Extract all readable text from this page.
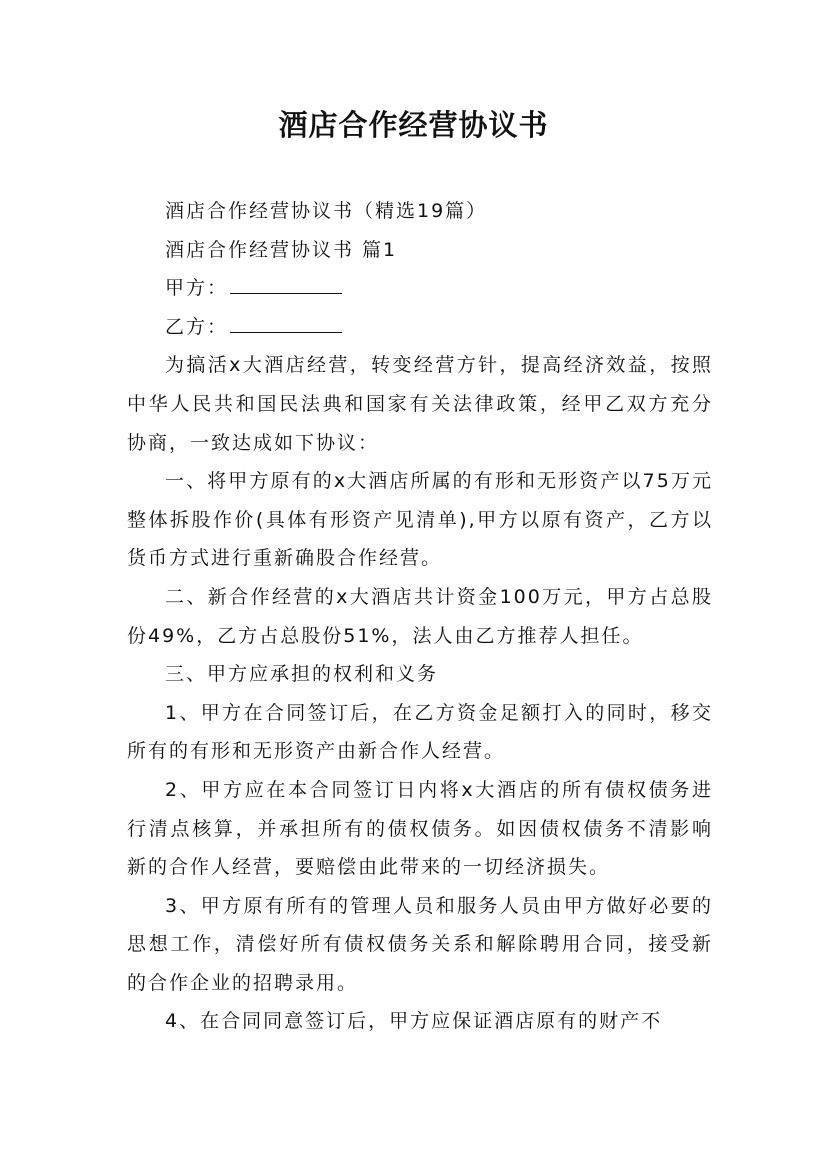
酒店合作经营协议书

酒店合作经营协议书（精选19篇）

酒店合作经营协议书 篇1

甲方：

乙方：

为搞活x大酒店经营，转变经营方针，提高经济效益，按照中华人民共和国民法典和国家有关法律政策，经甲乙双方充分协商，一致达成如下协议：

一、将甲方原有的x大酒店所属的有形和无形资产以75万元整体拆股作价(具体有形资产见清单),甲方以原有资产，乙方以货币方式进行重新确股合作经营。

二、新合作经营的x大酒店共计资金100万元，甲方占总股份49%，乙方占总股份51%，法人由乙方推荐人担任。

三、甲方应承担的权利和义务

1、甲方在合同签订后，在乙方资金足额打入的同时，移交所有的有形和无形资产由新合作人经营。

2、甲方应在本合同签订日内将x大酒店的所有债权债务进行清点核算，并承担所有的债权债务。如因债权债务不清影响新的合作人经营，要赔偿由此带来的一切经济损失。

3、甲方原有所有的管理人员和服务人员由甲方做好必要的思想工作，清偿好所有债权债务关系和解除聘用合同，接受新的合作企业的招聘录用。

4、在合同同意签订后，甲方应保证酒店原有的财产不
